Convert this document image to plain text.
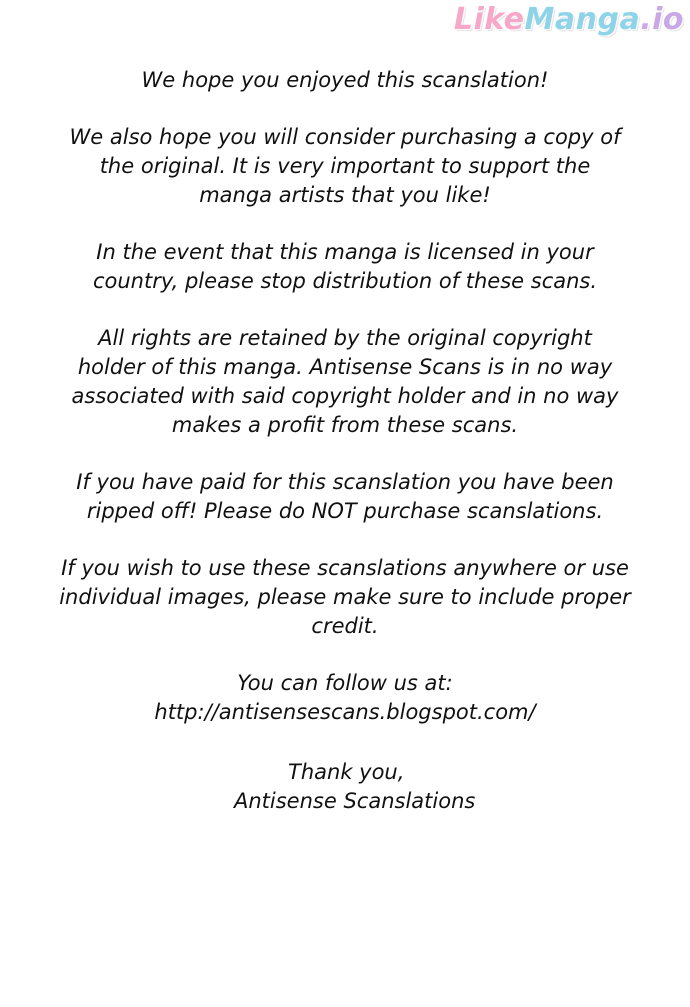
LikeManga.io
We hope you enjoyed this scanslation!
We also hope you will consider purchasing a copy of
the original. It is very important to support the
manga artists that you like!
In the event that this manga is licensed in your
country, please stop distribution of these scans.
All rights are retained by the original copyright
holder of this manga. Antisense Scans is in no way
associated with said copyright holder and in no way
makes a profit from these scans.
If you have paid for this scanslation you have been
ripped off! Please do NOT purchase scanslations.
If you wish to use these scanslations anywhere or use
individual images, please make sure to include proper
credit.
You can follow us at:
http://antisensescans.blogspot.com/
Thank you,
Antisense Scanslations
